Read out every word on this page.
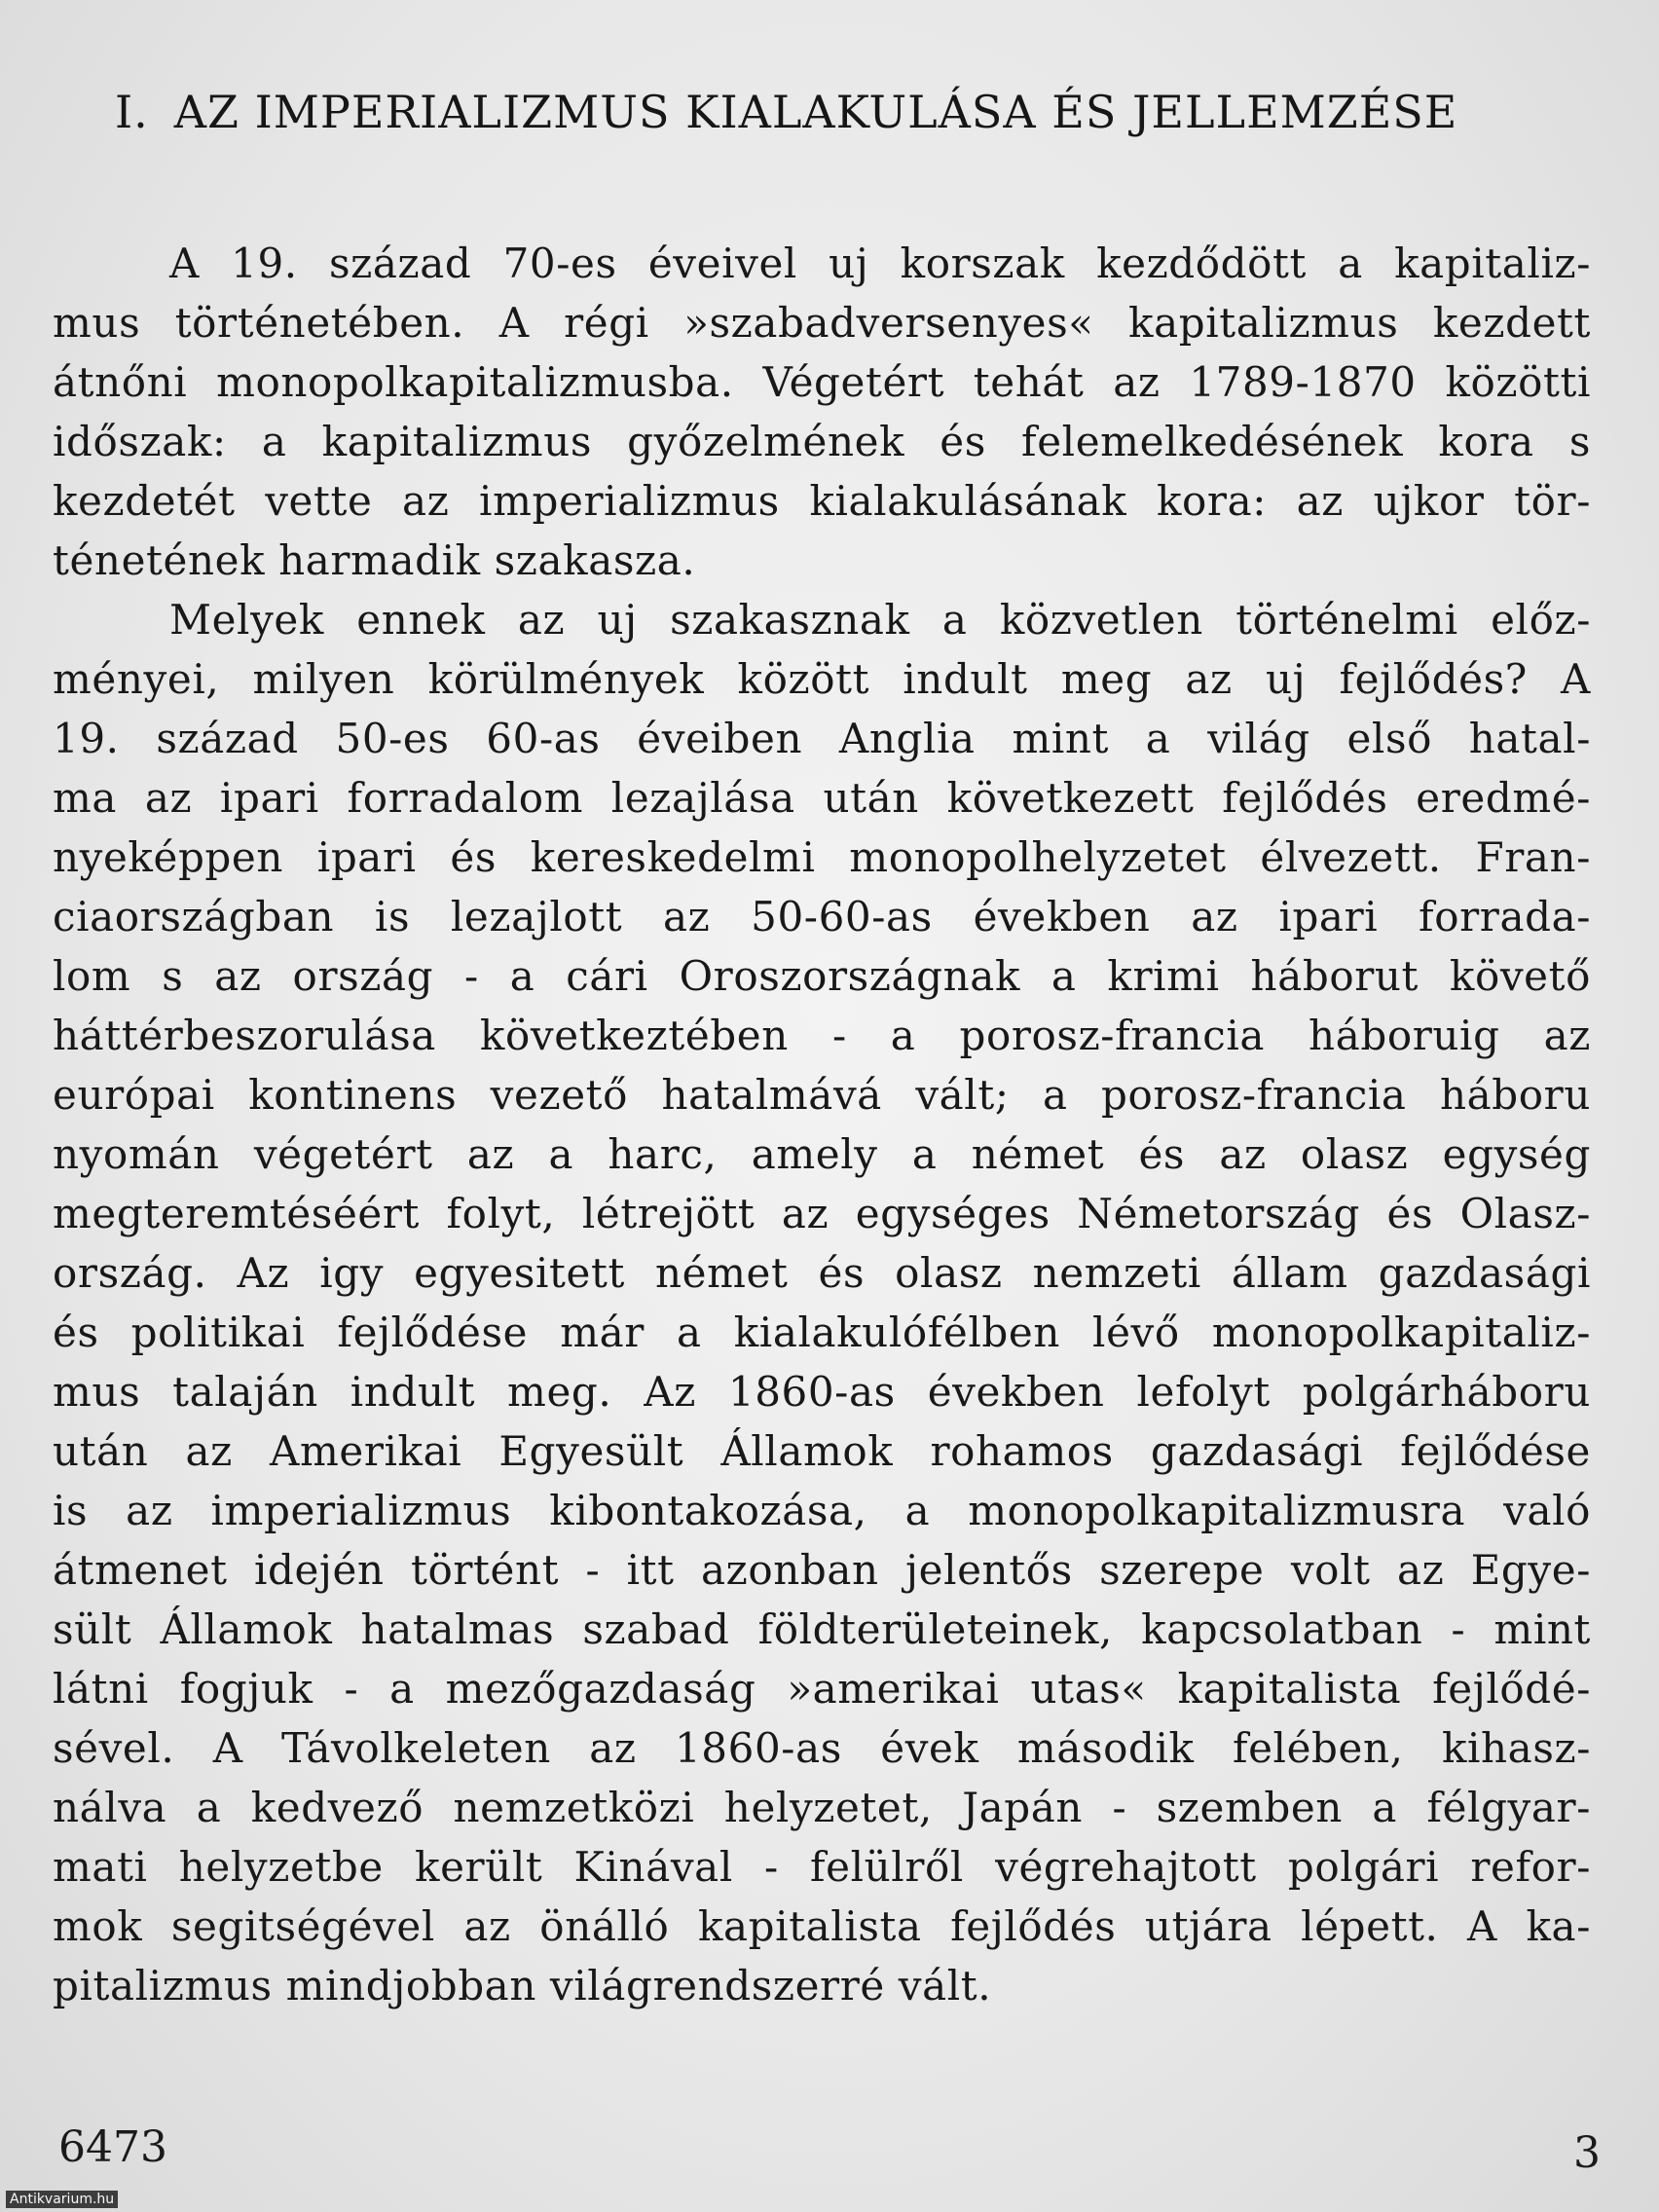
I. AZ IMPERIALIZMUS KIALAKULÁSA ÉS JELLEMZÉSE
A 19. század 70-es éveivel uj korszak kezdődött a kapitaliz-
mus történetében. A régi »szabadversenyes« kapitalizmus kezdett
átnőni monopolkapitalizmusba. Végetért tehát az 1789-1870 közötti
időszak: a kapitalizmus győzelmének és felemelkedésének kora s
kezdetét vette az imperializmus kialakulásának kora: az ujkor tör-
ténetének harmadik szakasza.
Melyek ennek az uj szakasznak a közvetlen történelmi előz-
ményei, milyen körülmények között indult meg az uj fejlődés? A
19. század 50-es 60-as éveiben Anglia mint a világ első hatal-
ma az ipari forradalom lezajlása után következett fejlődés eredmé-
nyeképpen ipari és kereskedelmi monopolhelyzetet élvezett. Fran-
ciaországban is lezajlott az 50-60-as években az ipari forrada-
lom s az ország - a cári Oroszországnak a krimi háborut követő
háttérbeszorulása következtében - a porosz-francia háboruig az
európai kontinens vezető hatalmává vált; a porosz-francia háboru
nyomán végetért az a harc, amely a német és az olasz egység
megteremtéséért folyt, létrejött az egységes Németország és Olasz-
ország. Az igy egyesitett német és olasz nemzeti állam gazdasági
és politikai fejlődése már a kialakulófélben lévő monopolkapitaliz-
mus talaján indult meg. Az 1860-as években lefolyt polgárháboru
után az Amerikai Egyesült Államok rohamos gazdasági fejlődése
is az imperializmus kibontakozása, a monopolkapitalizmusra való
átmenet idején történt - itt azonban jelentős szerepe volt az Egye-
sült Államok hatalmas szabad földterületeinek, kapcsolatban - mint
látni fogjuk - a mezőgazdaság »amerikai utas« kapitalista fejlődé-
sével. A Távolkeleten az 1860-as évek második felében, kihasz-
nálva a kedvező nemzetközi helyzetet, Japán - szemben a félgyar-
mati helyzetbe került Kinával - felülről végrehajtott polgári refor-
mok segitségével az önálló kapitalista fejlődés utjára lépett. A ka-
pitalizmus mindjobban világrendszerré vált.
6473	3
Antikvarium.hu
